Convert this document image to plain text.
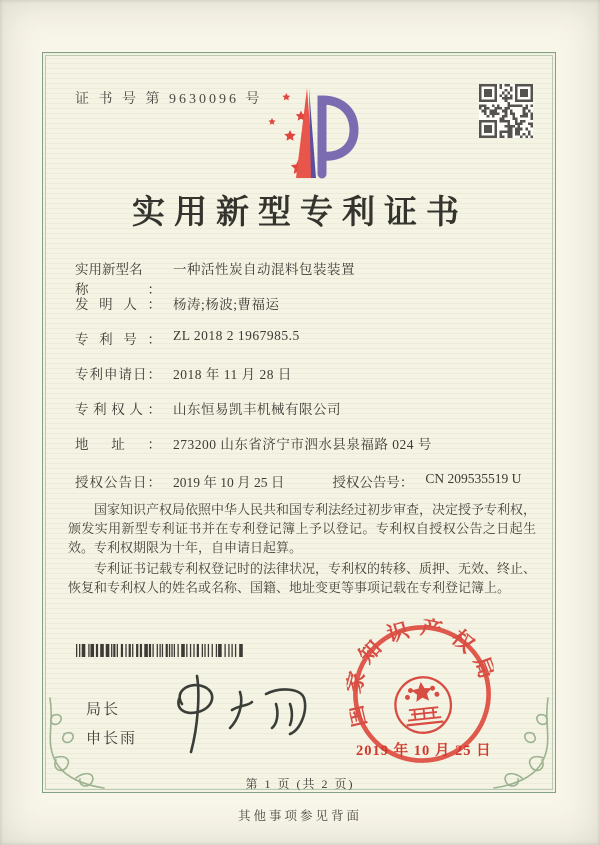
证 书 号 第 9630096 号
实用新型专利证书
实用新型名称：
一种活性炭自动混料包装装置
发明人： 杨涛;杨波;曹福运
专利号： ZL 2018 2 1967985.5
专利申请日： 2018 年 11 月 28 日
专利权人： 山东恒易凯丰机械有限公司
地址： 273200 山东省济宁市泗水县泉福路 024 号
授权公告日： 2019 年 10 月 25 日	授权公告号： CN 209535519 U

国家知识产权局依照中华人民共和国专利法经过初步审查，决定授予专利权，颁发实用新型专利证书并在专利登记簿上予以登记。专利权自授权公告之日起生效。专利权期限为十年，自申请日起算。

专利证书记载专利权登记时的法律状况，专利权的转移、质押、无效、终止、恢复和专利权人的姓名或名称、国籍、地址变更等事项记载在专利登记簿上。

局长
申长雨
国家知识产权局
2019 年 10 月 25 日
第 1 页 (共 2 页)
其他事项参见背面
